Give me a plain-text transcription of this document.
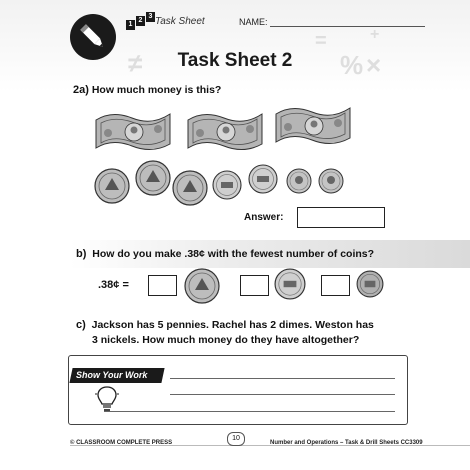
≠
=
% ×
+
1
2
3 Task Sheet	NAME:
Task Sheet 2
2a) How much money is this?
Answer:
b) How do you make .38¢ with the fewest number of coins?
.38¢ =
c) Jackson has 5 pennies. Rachel has 2 dimes. Weston has
3 nickels. How much money do they have altogether?
Show Your Work
© CLASSROOM COMPLETE PRESS
10
Number and Operations – Task & Drill Sheets CC3309
